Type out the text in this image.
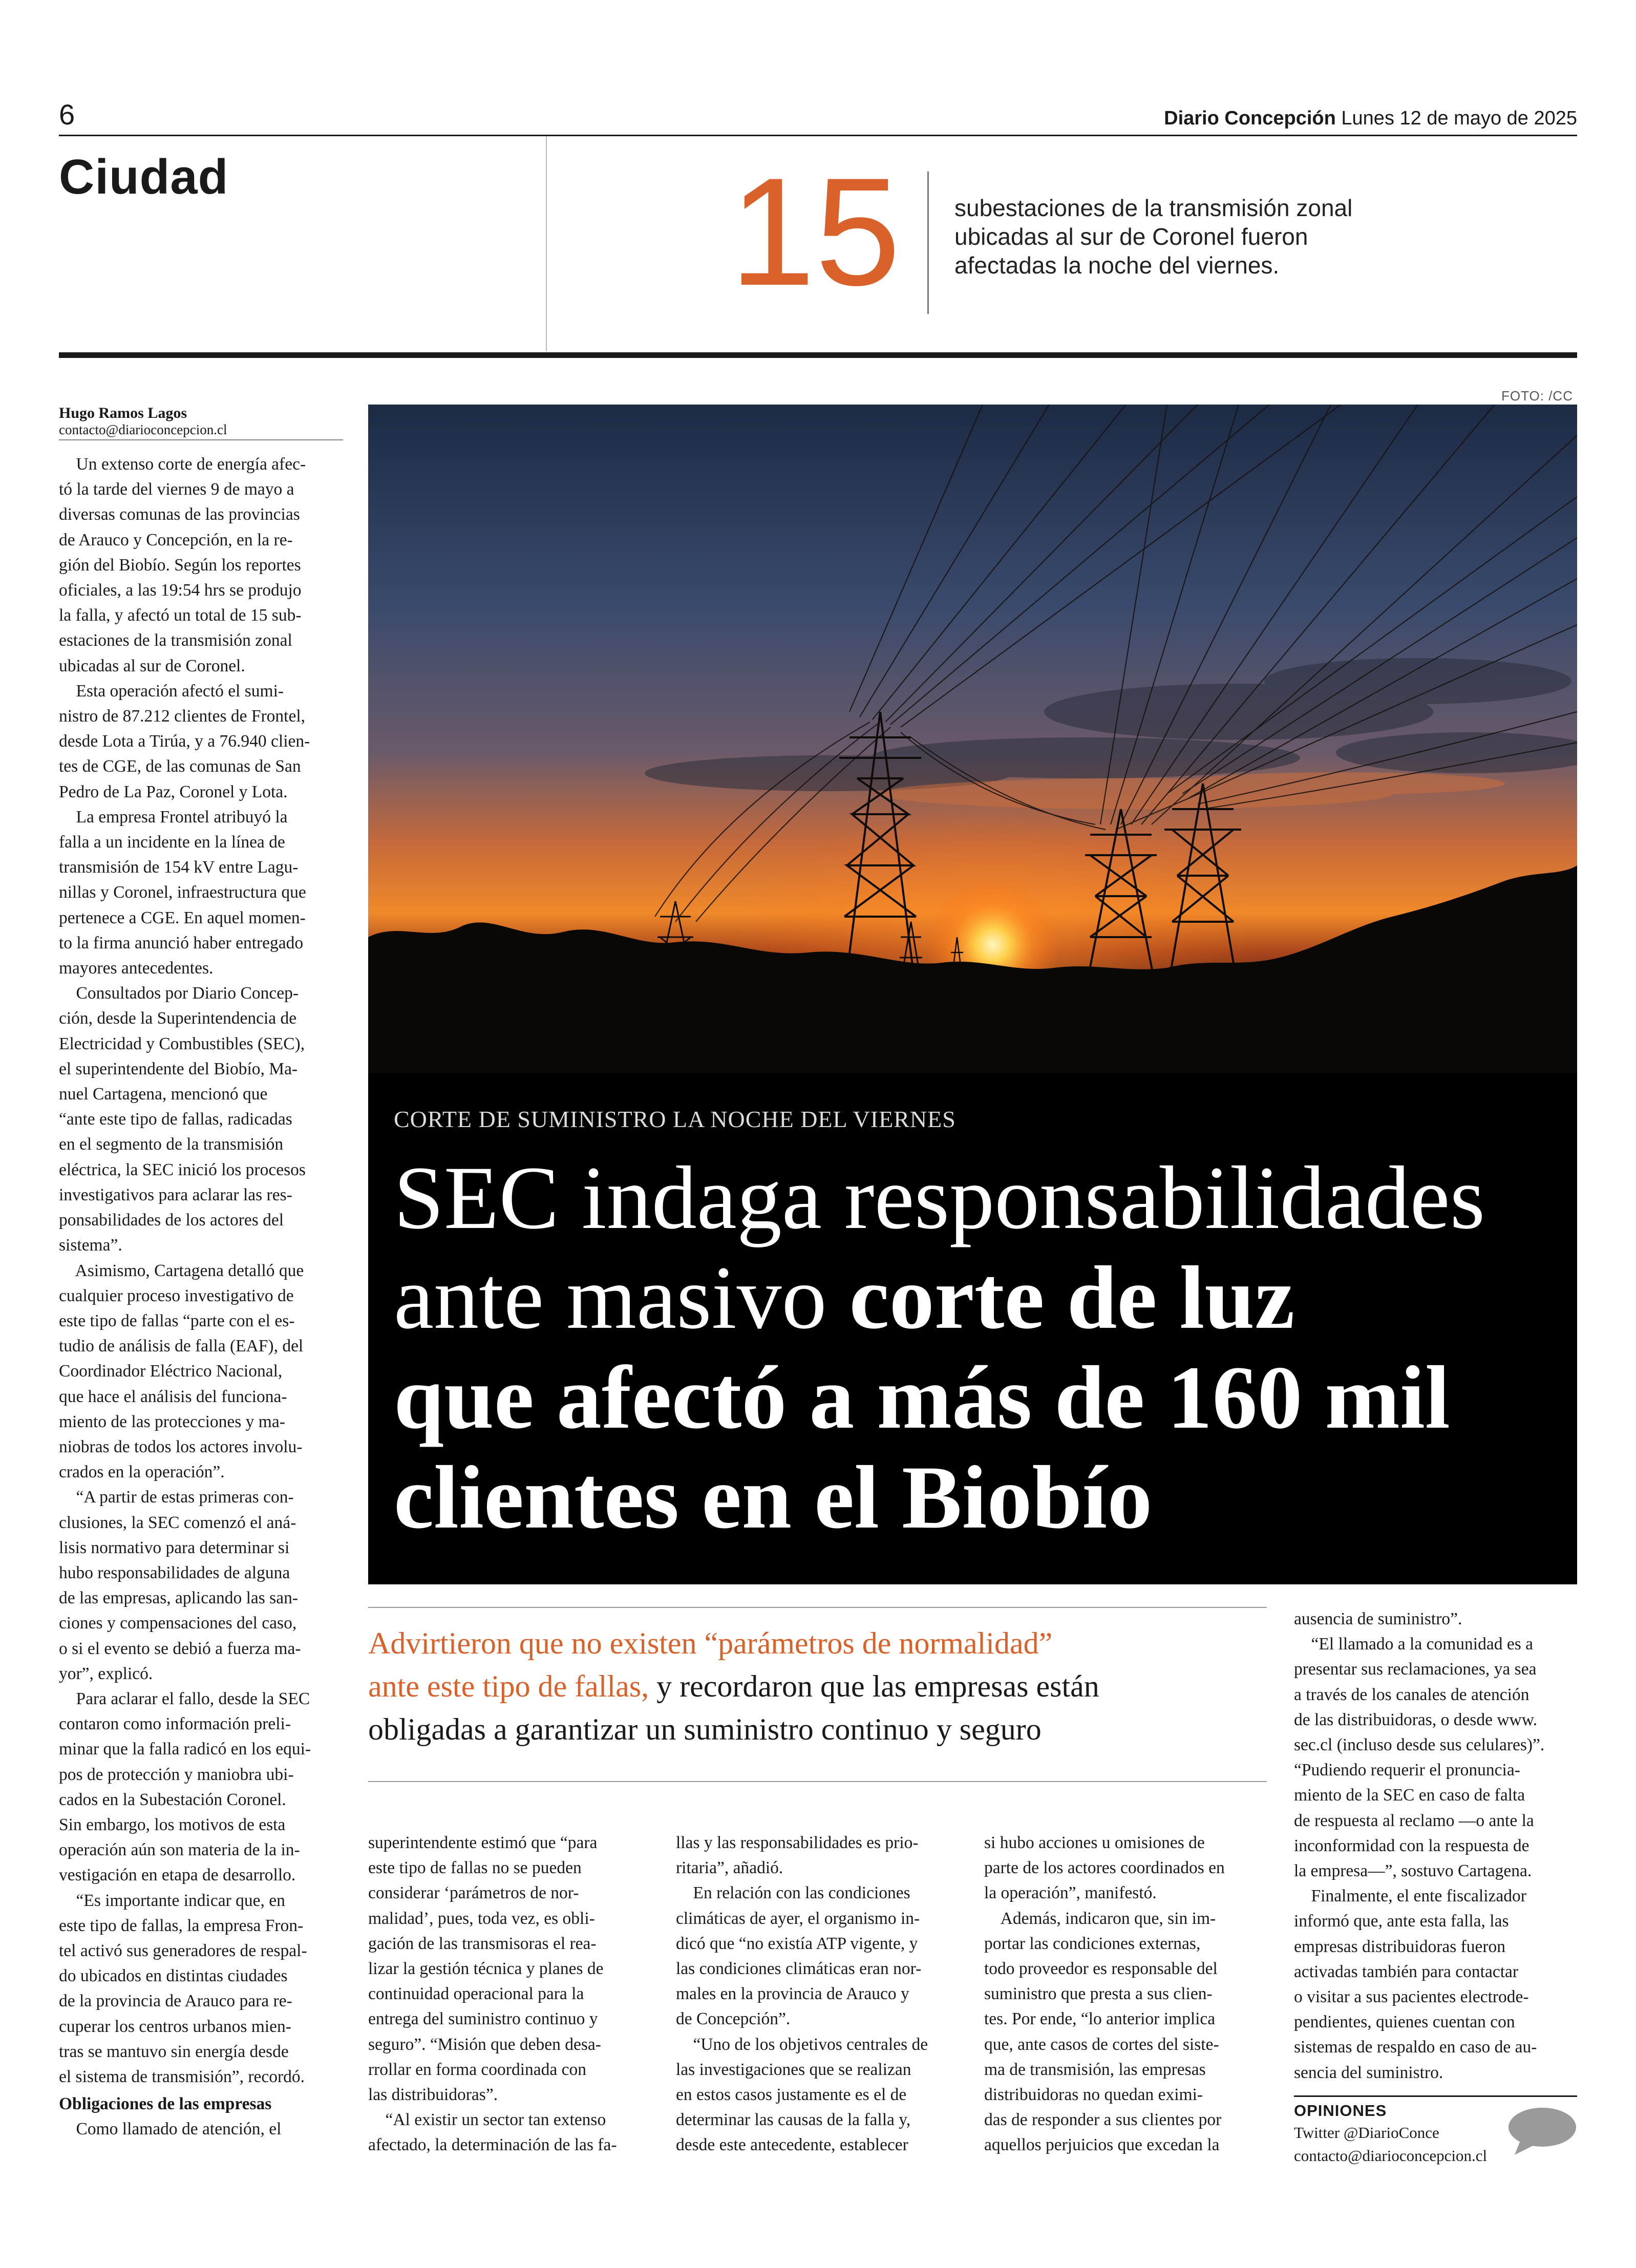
6	Diario Concepción Lunes 12 de mayo de 2025
Ciudad	15 subestaciones de la transmisión zonal
ubicadas al sur de Coronel fueron
afectadas la noche del viernes.
Hugo Ramos Lagos
contacto@diarioconcepcion.cl
Un extenso corte de energía afec-
tó la tarde del viernes 9 de mayo a
diversas comunas de las provincias
de Arauco y Concepción, en la re-
gión del Biobío. Según los reportes
oficiales, a las 19:54 hrs se produjo
la falla, y afectó un total de 15 sub-
estaciones de la transmisión zonal
ubicadas al sur de Coronel.
Esta operación afectó el sumi-
nistro de 87.212 clientes de Frontel,
desde Lota a Tirúa, y a 76.940 clien-
tes de CGE, de las comunas de San
Pedro de La Paz, Coronel y Lota.
La empresa Frontel atribuyó la
falla a un incidente en la línea de
transmisión de 154 kV entre Lagu-
nillas y Coronel, infraestructura que
pertenece a CGE. En aquel momen-
to la firma anunció haber entregado
mayores antecedentes.
Consultados por Diario Concep-
ción, desde la Superintendencia de
Electricidad y Combustibles (SEC),
el superintendente del Biobío, Ma-
nuel Cartagena, mencionó que
“ante este tipo de fallas, radicadas
en el segmento de la transmisión
eléctrica, la SEC inició los procesos
investigativos para aclarar las res-
ponsabilidades de los actores del
sistema”.
Asimismo, Cartagena detalló que
cualquier proceso investigativo de
este tipo de fallas “parte con el es-
tudio de análisis de falla (EAF), del
Coordinador Eléctrico Nacional,
que hace el análisis del funciona-
miento de las protecciones y ma-
niobras de todos los actores involu-
crados en la operación”.
“A partir de estas primeras con-
clusiones, la SEC comenzó el aná-
lisis normativo para determinar si
hubo responsabilidades de alguna
de las empresas, aplicando las san-
ciones y compensaciones del caso,
o si el evento se debió a fuerza ma-
yor”, explicó.
Para aclarar el fallo, desde la SEC
contaron como información preli-
minar que la falla radicó en los equi-
pos de protección y maniobra ubi-
cados en la Subestación Coronel.
Sin embargo, los motivos de esta
operación aún son materia de la in-
vestigación en etapa de desarrollo.
“Es importante indicar que, en
este tipo de fallas, la empresa Fron-
tel activó sus generadores de respal-
do ubicados en distintas ciudades
de la provincia de Arauco para re-
cuperar los centros urbanos mien-
tras se mantuvo sin energía desde
el sistema de transmisión”, recordó.
Obligaciones de las empresas
Como llamado de atención, el
FOTO: /CC
CORTE DE SUMINISTRO LA NOCHE DEL VIERNES
SEC indaga responsabilidades
ante masivo corte de luz
que afectó a más de 160 mil
clientes en el Biobío
Advirtieron que no existen “parámetros de normalidad”
ante este tipo de fallas, y recordaron que las empresas están
obligadas a garantizar un suministro continuo y seguro
superintendente estimó que “para
este tipo de fallas no se pueden
considerar ‘parámetros de nor-
malidad’, pues, toda vez, es obli-
gación de las transmisoras el rea-
lizar la gestión técnica y planes de
continuidad operacional para la
entrega del suministro continuo y
seguro”. “Misión que deben desa-
rrollar en forma coordinada con
las distribuidoras”.
“Al existir un sector tan extenso
afectado, la determinación de las fa-
llas y las responsabilidades es prio-
ritaria”, añadió.
En relación con las condiciones
climáticas de ayer, el organismo in-
dicó que “no existía ATP vigente, y
las condiciones climáticas eran nor-
males en la provincia de Arauco y
de Concepción”.
“Uno de los objetivos centrales de
las investigaciones que se realizan
en estos casos justamente es el de
determinar las causas de la falla y,
desde este antecedente, establecer
si hubo acciones u omisiones de
parte de los actores coordinados en
la operación”, manifestó.
Además, indicaron que, sin im-
portar las condiciones externas,
todo proveedor es responsable del
suministro que presta a sus clien-
tes. Por ende, “lo anterior implica
que, ante casos de cortes del siste-
ma de transmisión, las empresas
distribuidoras no quedan eximi-
das de responder a sus clientes por
aquellos perjuicios que excedan la
ausencia de suministro”.
“El llamado a la comunidad es a
presentar sus reclamaciones, ya sea
a través de los canales de atención
de las distribuidoras, o desde www.
sec.cl (incluso desde sus celulares)”.
“Pudiendo requerir el pronuncia-
miento de la SEC en caso de falta
de respuesta al reclamo —o ante la
inconformidad con la respuesta de
la empresa—”, sostuvo Cartagena.
Finalmente, el ente fiscalizador
informó que, ante esta falla, las
empresas distribuidoras fueron
activadas también para contactar
o visitar a sus pacientes electrode-
pendientes, quienes cuentan con
sistemas de respaldo en caso de au-
sencia del suministro.
OPINIONES
Twitter @DiarioConce
contacto@diarioconcepcion.cl
